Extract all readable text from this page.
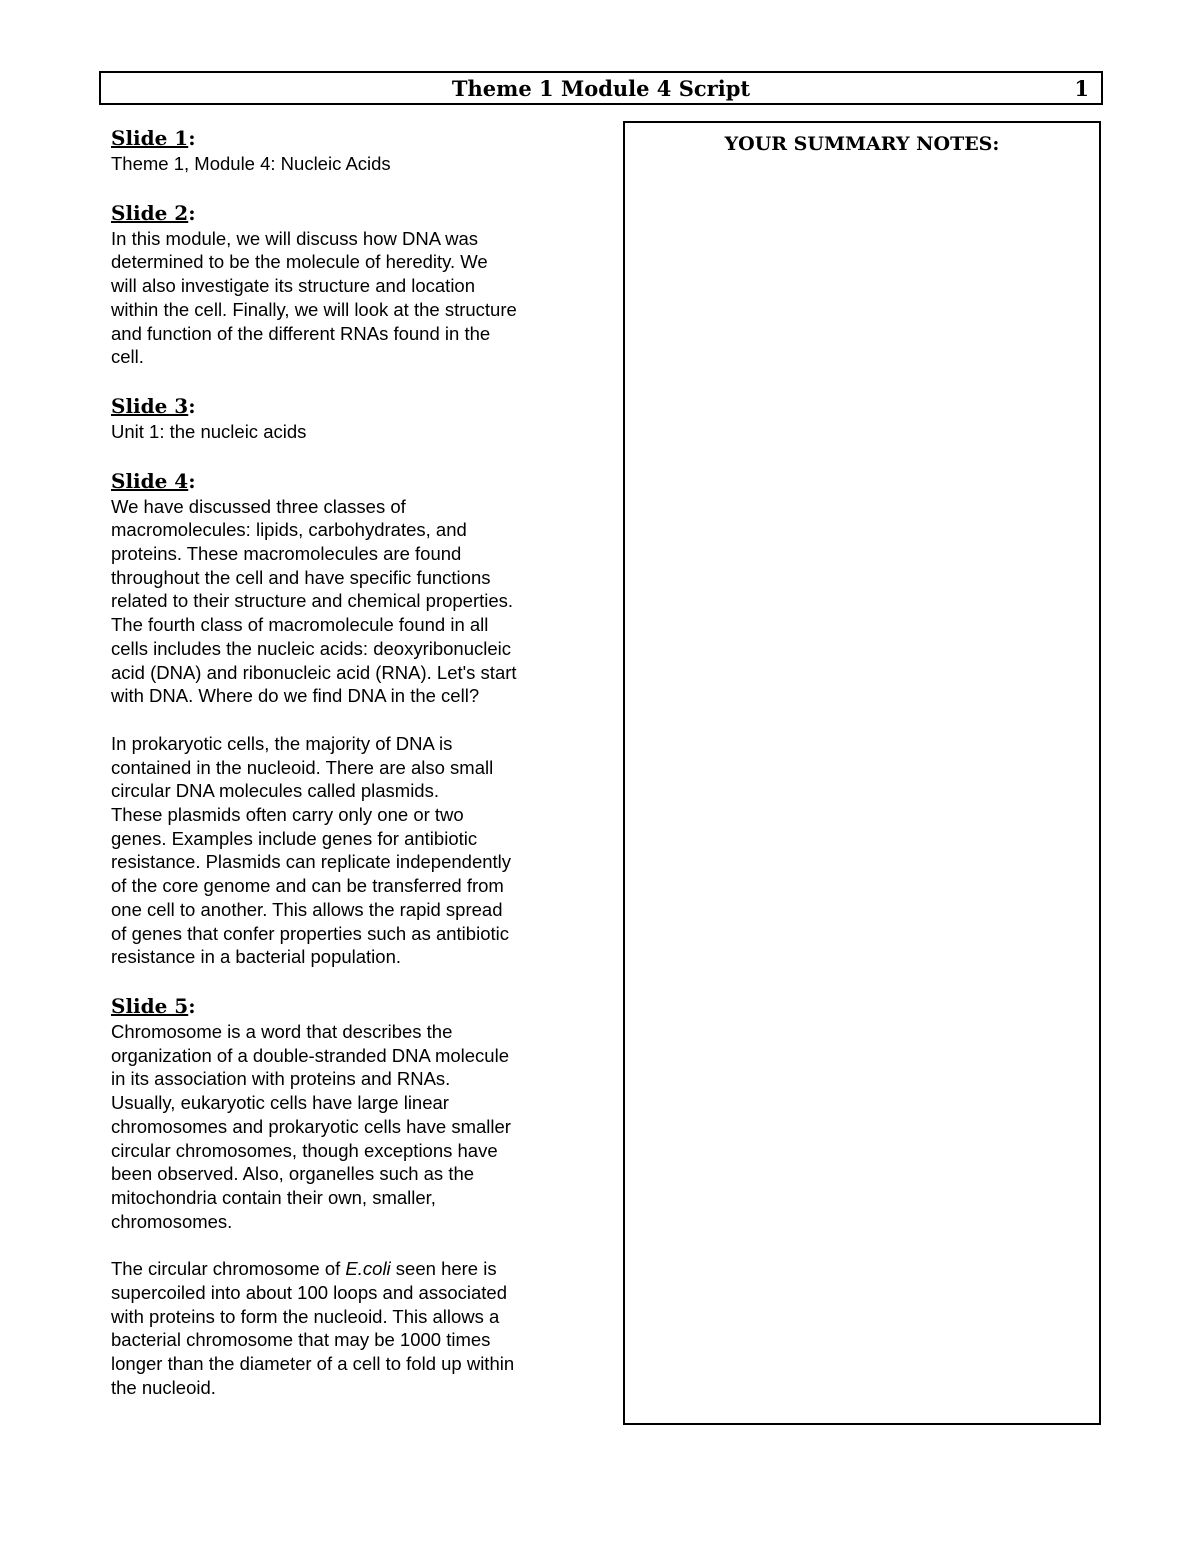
Theme 1 Module 4 Script	1
Slide 1:

Theme 1, Module 4: Nucleic Acids

Slide 2:

In this module, we will discuss how DNA was
determined to be the molecule of heredity. We
will also investigate its structure and location
within the cell. Finally, we will look at the structure
and function of the different RNAs found in the
cell.

Slide 3:

Unit 1: the nucleic acids

Slide 4:

We have discussed three classes of
macromolecules: lipids, carbohydrates, and
proteins. These macromolecules are found
throughout the cell and have specific functions
related to their structure and chemical properties.
The fourth class of macromolecule found in all
cells includes the nucleic acids: deoxyribonucleic
acid (DNA) and ribonucleic acid (RNA). Let's start
with DNA. Where do we find DNA in the cell?

In prokaryotic cells, the majority of DNA is
contained in the nucleoid. There are also small
circular DNA molecules called plasmids.
These plasmids often carry only one or two
genes. Examples include genes for antibiotic
resistance. Plasmids can replicate independently
of the core genome and can be transferred from
one cell to another. This allows the rapid spread
of genes that confer properties such as antibiotic
resistance in a bacterial population.

Slide 5:

Chromosome is a word that describes the
organization of a double-stranded DNA molecule
in its association with proteins and RNAs.
Usually, eukaryotic cells have large linear
chromosomes and prokaryotic cells have smaller
circular chromosomes, though exceptions have
been observed. Also, organelles such as the
mitochondria contain their own, smaller,
chromosomes.

The circular chromosome of E.coli seen here is
supercoiled into about 100 loops and associated
with proteins to form the nucleoid. This allows a
bacterial chromosome that may be 1000 times
longer than the diameter of a cell to fold up within
the nucleoid.

YOUR SUMMARY NOTES:
